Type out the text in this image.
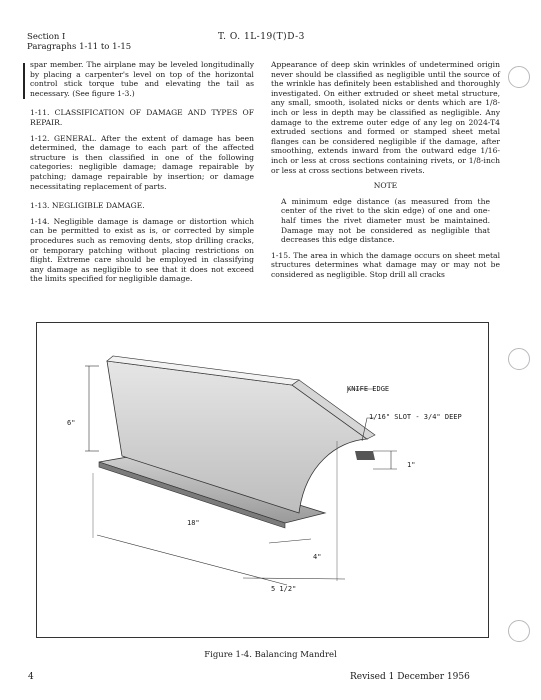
Section I
Paragraphs 1-11 to 1-15
T. O. 1L-19(T)D-3

spar member. The airplane may be leveled longitudinally by placing a carpenter's level on top of the horizontal control stick torque tube and elevating the tail as necessary. (See figure 1-3.)

1-11. CLASSIFICATION OF DAMAGE AND TYPES OF REPAIR.

1-12. GENERAL. After the extent of damage has been determined, the damage to each part of the affected structure is then classified in one of the following categories: negligible damage; damage repairable by patching; damage repairable by insertion; or damage necessitating replacement of parts.

1-13. NEGLIGIBLE DAMAGE.

1-14. Negligible damage is damage or distortion which can be permitted to exist as is, or corrected by simple procedures such as removing dents, stop drilling cracks, or temporary patching without placing restrictions on flight. Extreme care should be employed in classifying any damage as negligible to see that it does not exceed the limits specified for negligible damage.

Appearance of deep skin wrinkles of undetermined origin never should be classified as negligible until the source of the wrinkle has definitely been established and thoroughly investigated. On either extruded or sheet metal structure, any small, smooth, isolated nicks or dents which are 1/8-inch or less in depth may be classified as negligible. Any damage to the extreme outer edge of any leg on 2024-T4 extruded sections and formed or stamped sheet metal flanges can be considered negligible if the damage, after smoothing, extends inward from the outward edge 1/16-inch or less at cross sections containing rivets, or 1/8-inch or less at cross sections between rivets.

NOTE

A minimum edge distance (as measured from the center of the rivet to the skin edge) of one and one-half times the rivet diameter must be maintained. Damage may not be considered as negligible that decreases this edge distance.

1-15. The area in which the damage occurs on sheet metal structures determines what damage may or may not be considered as negligible. Stop drill all cracks

KNIFE EDGE
1/16" SLOT - 3/4" DEEP
6"
18"
1"
4"
5 1/2"
Figure 1-4. Balancing Mandrel
4	Revised 1 December 1956
